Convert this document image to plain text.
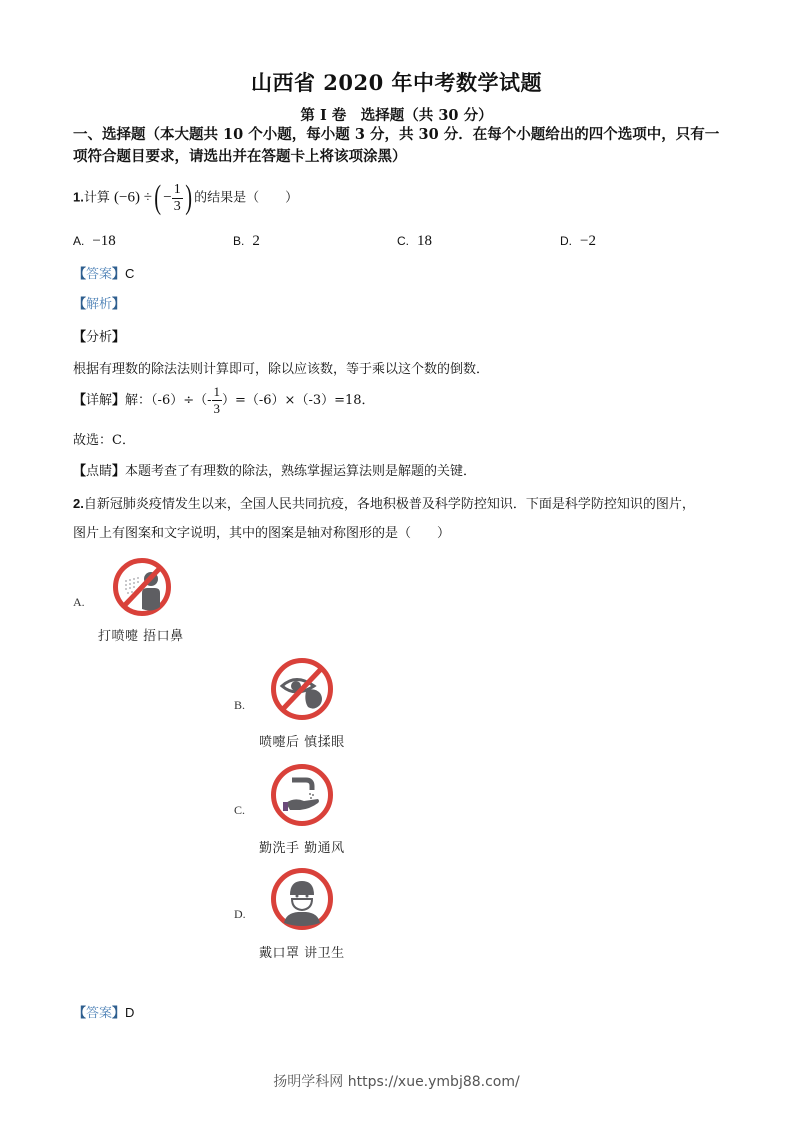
山西省 2020 年中考数学试题
第 I 卷　选择题（共 30 分）
一、选择题（本大题共 10 个小题，每小题 3 分，共 30 分．在每个小题给出的四个选项中，只有一项符合题目要求，请选出并在答题卡上将该项涂黑）
1.计算 (−6) ÷( − $\frac{1}{3}$ ) 的结果是（　　）
A. −18	B. 2	C. 18	D. −2
【答案】C
【解析】
【分析】
根据有理数的除法法则计算即可，除以应该数，等于乘以这个数的倒数．
【详解】解：$(-6)\div(- \frac{1}{3} )=(-6)\times(-3)=18$．
故选：C．
【点睛】本题考查了有理数的除法，熟练掌握运算法则是解题的关键．
2.自新冠肺炎疫情发生以来，全国人民共同抗疫，各地积极普及科学防控知识．下面是科学防控知识的图片，
图片上有图案和文字说明，其中的图案是轴对称图形的是（　　）
A.
打喷嚏 捂口鼻
B.
喷嚏后 慎揉眼
C.
勤洗手 勤通风
D.
戴口罩 讲卫生
【答案】D
扬明学科网 https://xue.ymbj88.com/
